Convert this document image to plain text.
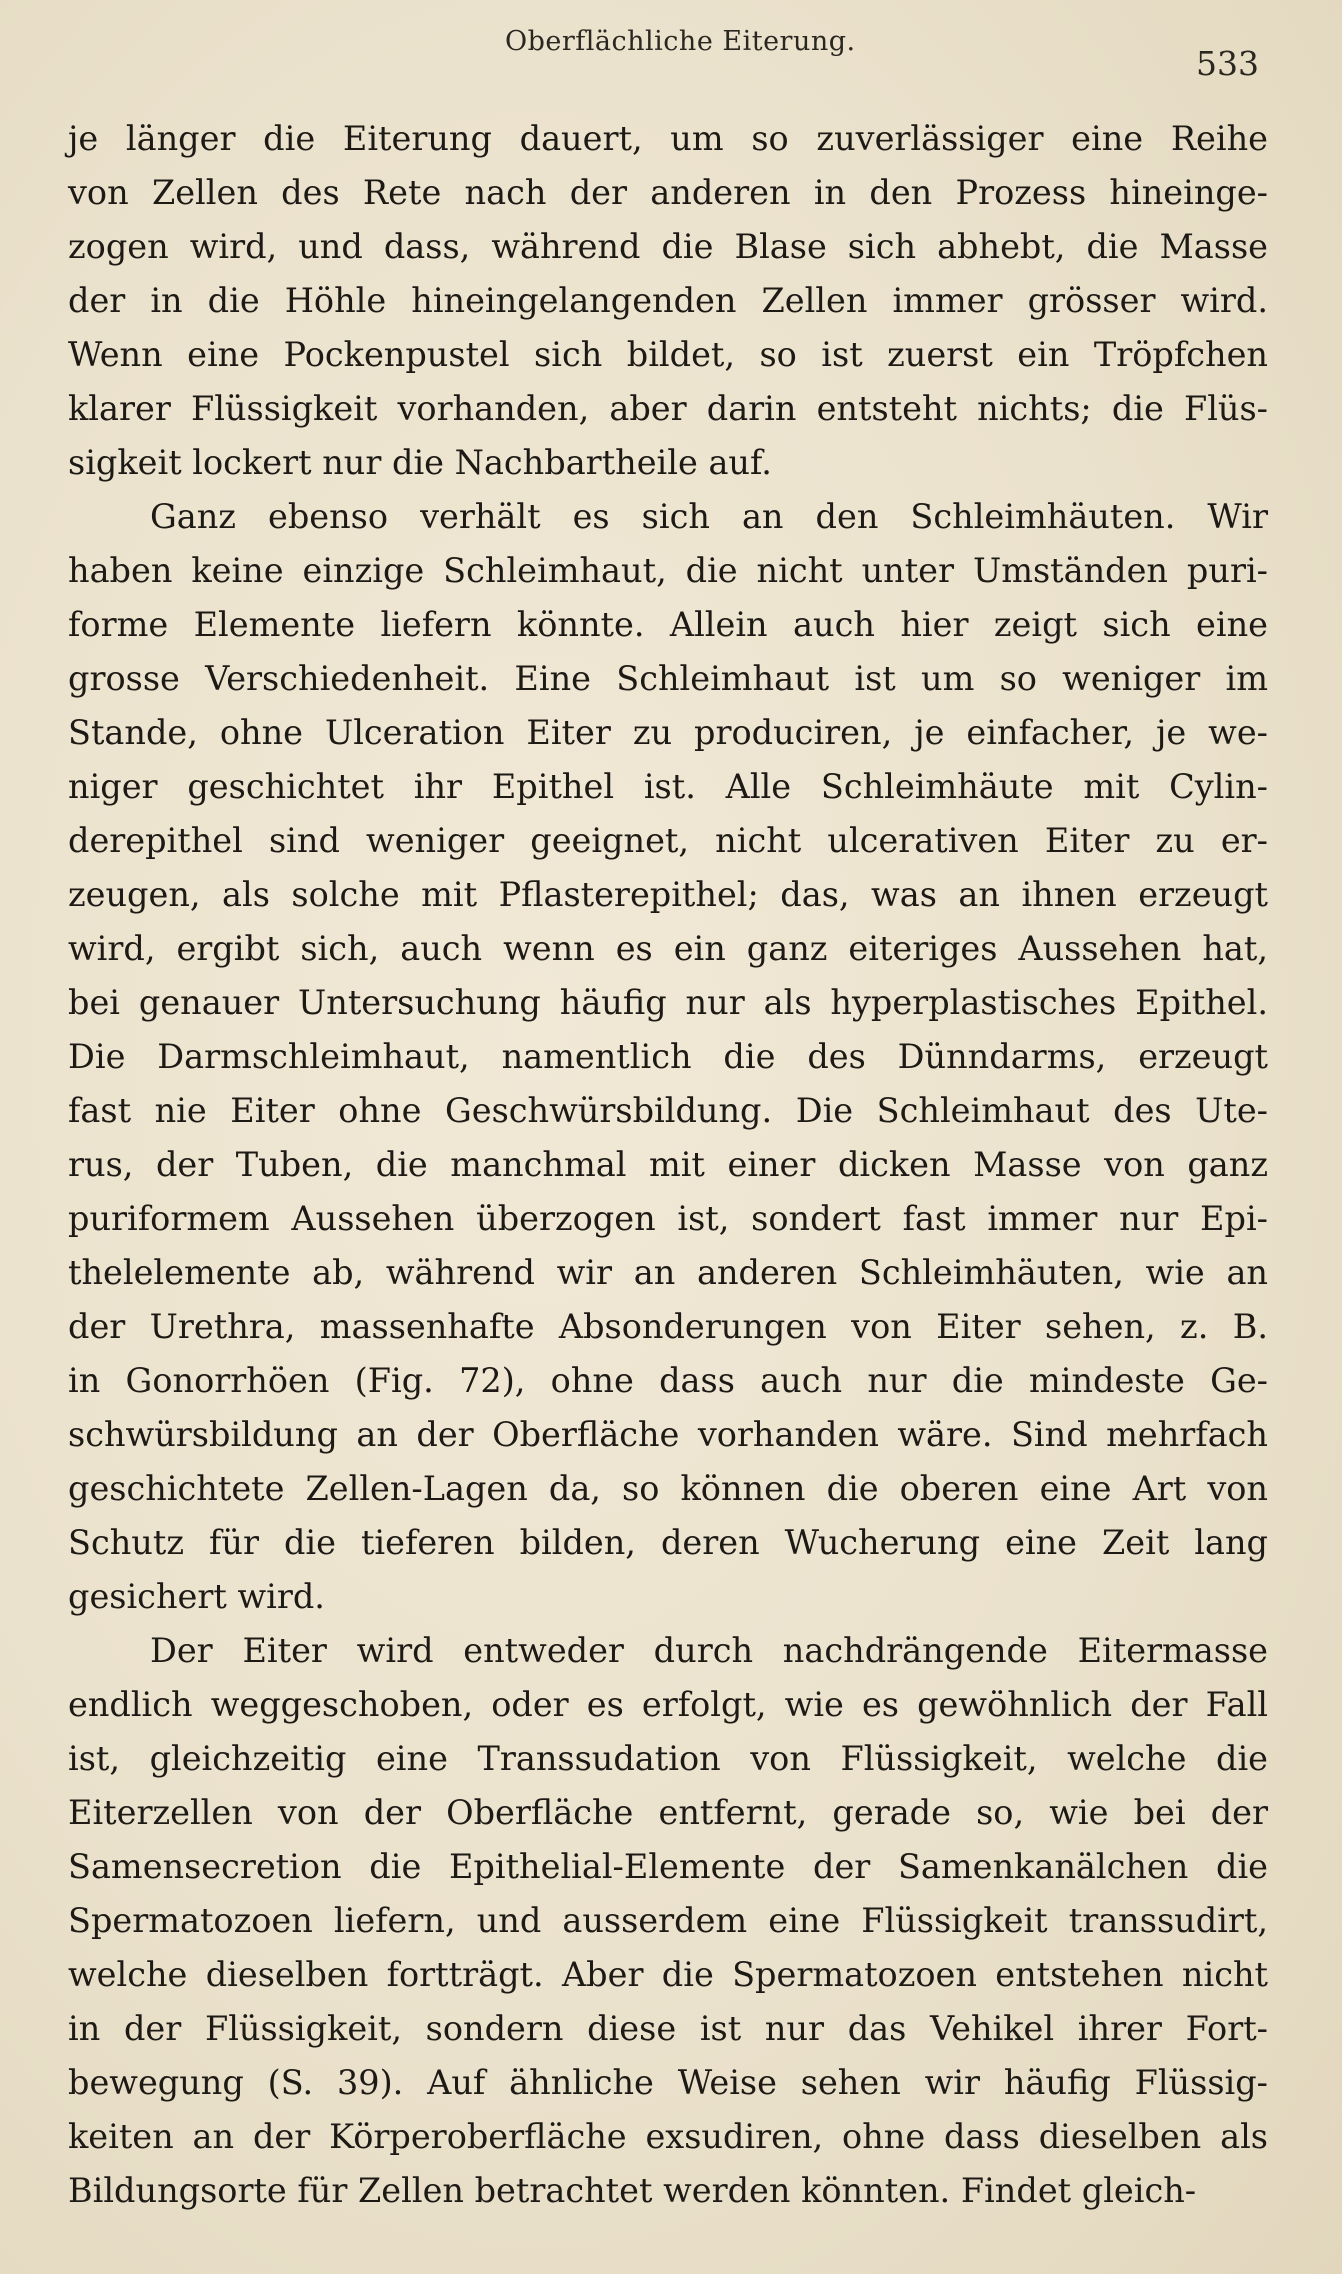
Oberflächliche Eiterung.
533
je länger die Eiterung dauert, um so zuverlässiger eine Reihe
von Zellen des Rete nach der anderen in den Prozess hineinge-
zogen wird, und dass, während die Blase sich abhebt, die Masse
der in die Höhle hineingelangenden Zellen immer grösser wird.
Wenn eine Pockenpustel sich bildet, so ist zuerst ein Tröpfchen
klarer Flüssigkeit vorhanden, aber darin entsteht nichts; die Flüs-
sigkeit lockert nur die Nachbartheile auf.
Ganz ebenso verhält es sich an den Schleimhäuten. Wir
haben keine einzige Schleimhaut, die nicht unter Umständen puri-
forme Elemente liefern könnte. Allein auch hier zeigt sich eine
grosse Verschiedenheit. Eine Schleimhaut ist um so weniger im
Stande, ohne Ulceration Eiter zu produciren, je einfacher, je we-
niger geschichtet ihr Epithel ist. Alle Schleimhäute mit Cylin-
derepithel sind weniger geeignet, nicht ulcerativen Eiter zu er-
zeugen, als solche mit Pflasterepithel; das, was an ihnen erzeugt
wird, ergibt sich, auch wenn es ein ganz eiteriges Aussehen hat,
bei genauer Untersuchung häufig nur als hyperplastisches Epithel.
Die Darmschleimhaut, namentlich die des Dünndarms, erzeugt
fast nie Eiter ohne Geschwürsbildung. Die Schleimhaut des Ute-
rus, der Tuben, die manchmal mit einer dicken Masse von ganz
puriformem Aussehen überzogen ist, sondert fast immer nur Epi-
thelelemente ab, während wir an anderen Schleimhäuten, wie an
der Urethra, massenhafte Absonderungen von Eiter sehen, z. B.
in Gonorrhöen (Fig. 72), ohne dass auch nur die mindeste Ge-
schwürsbildung an der Oberfläche vorhanden wäre. Sind mehrfach
geschichtete Zellen-Lagen da, so können die oberen eine Art von
Schutz für die tieferen bilden, deren Wucherung eine Zeit lang
gesichert wird.
Der Eiter wird entweder durch nachdrängende Eitermasse
endlich weggeschoben, oder es erfolgt, wie es gewöhnlich der Fall
ist, gleichzeitig eine Transsudation von Flüssigkeit, welche die
Eiterzellen von der Oberfläche entfernt, gerade so, wie bei der
Samensecretion die Epithelial-Elemente der Samenkanälchen die
Spermatozoen liefern, und ausserdem eine Flüssigkeit transsudirt,
welche dieselben fortträgt. Aber die Spermatozoen entstehen nicht
in der Flüssigkeit, sondern diese ist nur das Vehikel ihrer Fort-
bewegung (S. 39). Auf ähnliche Weise sehen wir häufig Flüssig-
keiten an der Körperoberfläche exsudiren, ohne dass dieselben als
Bildungsorte für Zellen betrachtet werden könnten. Findet gleich-
